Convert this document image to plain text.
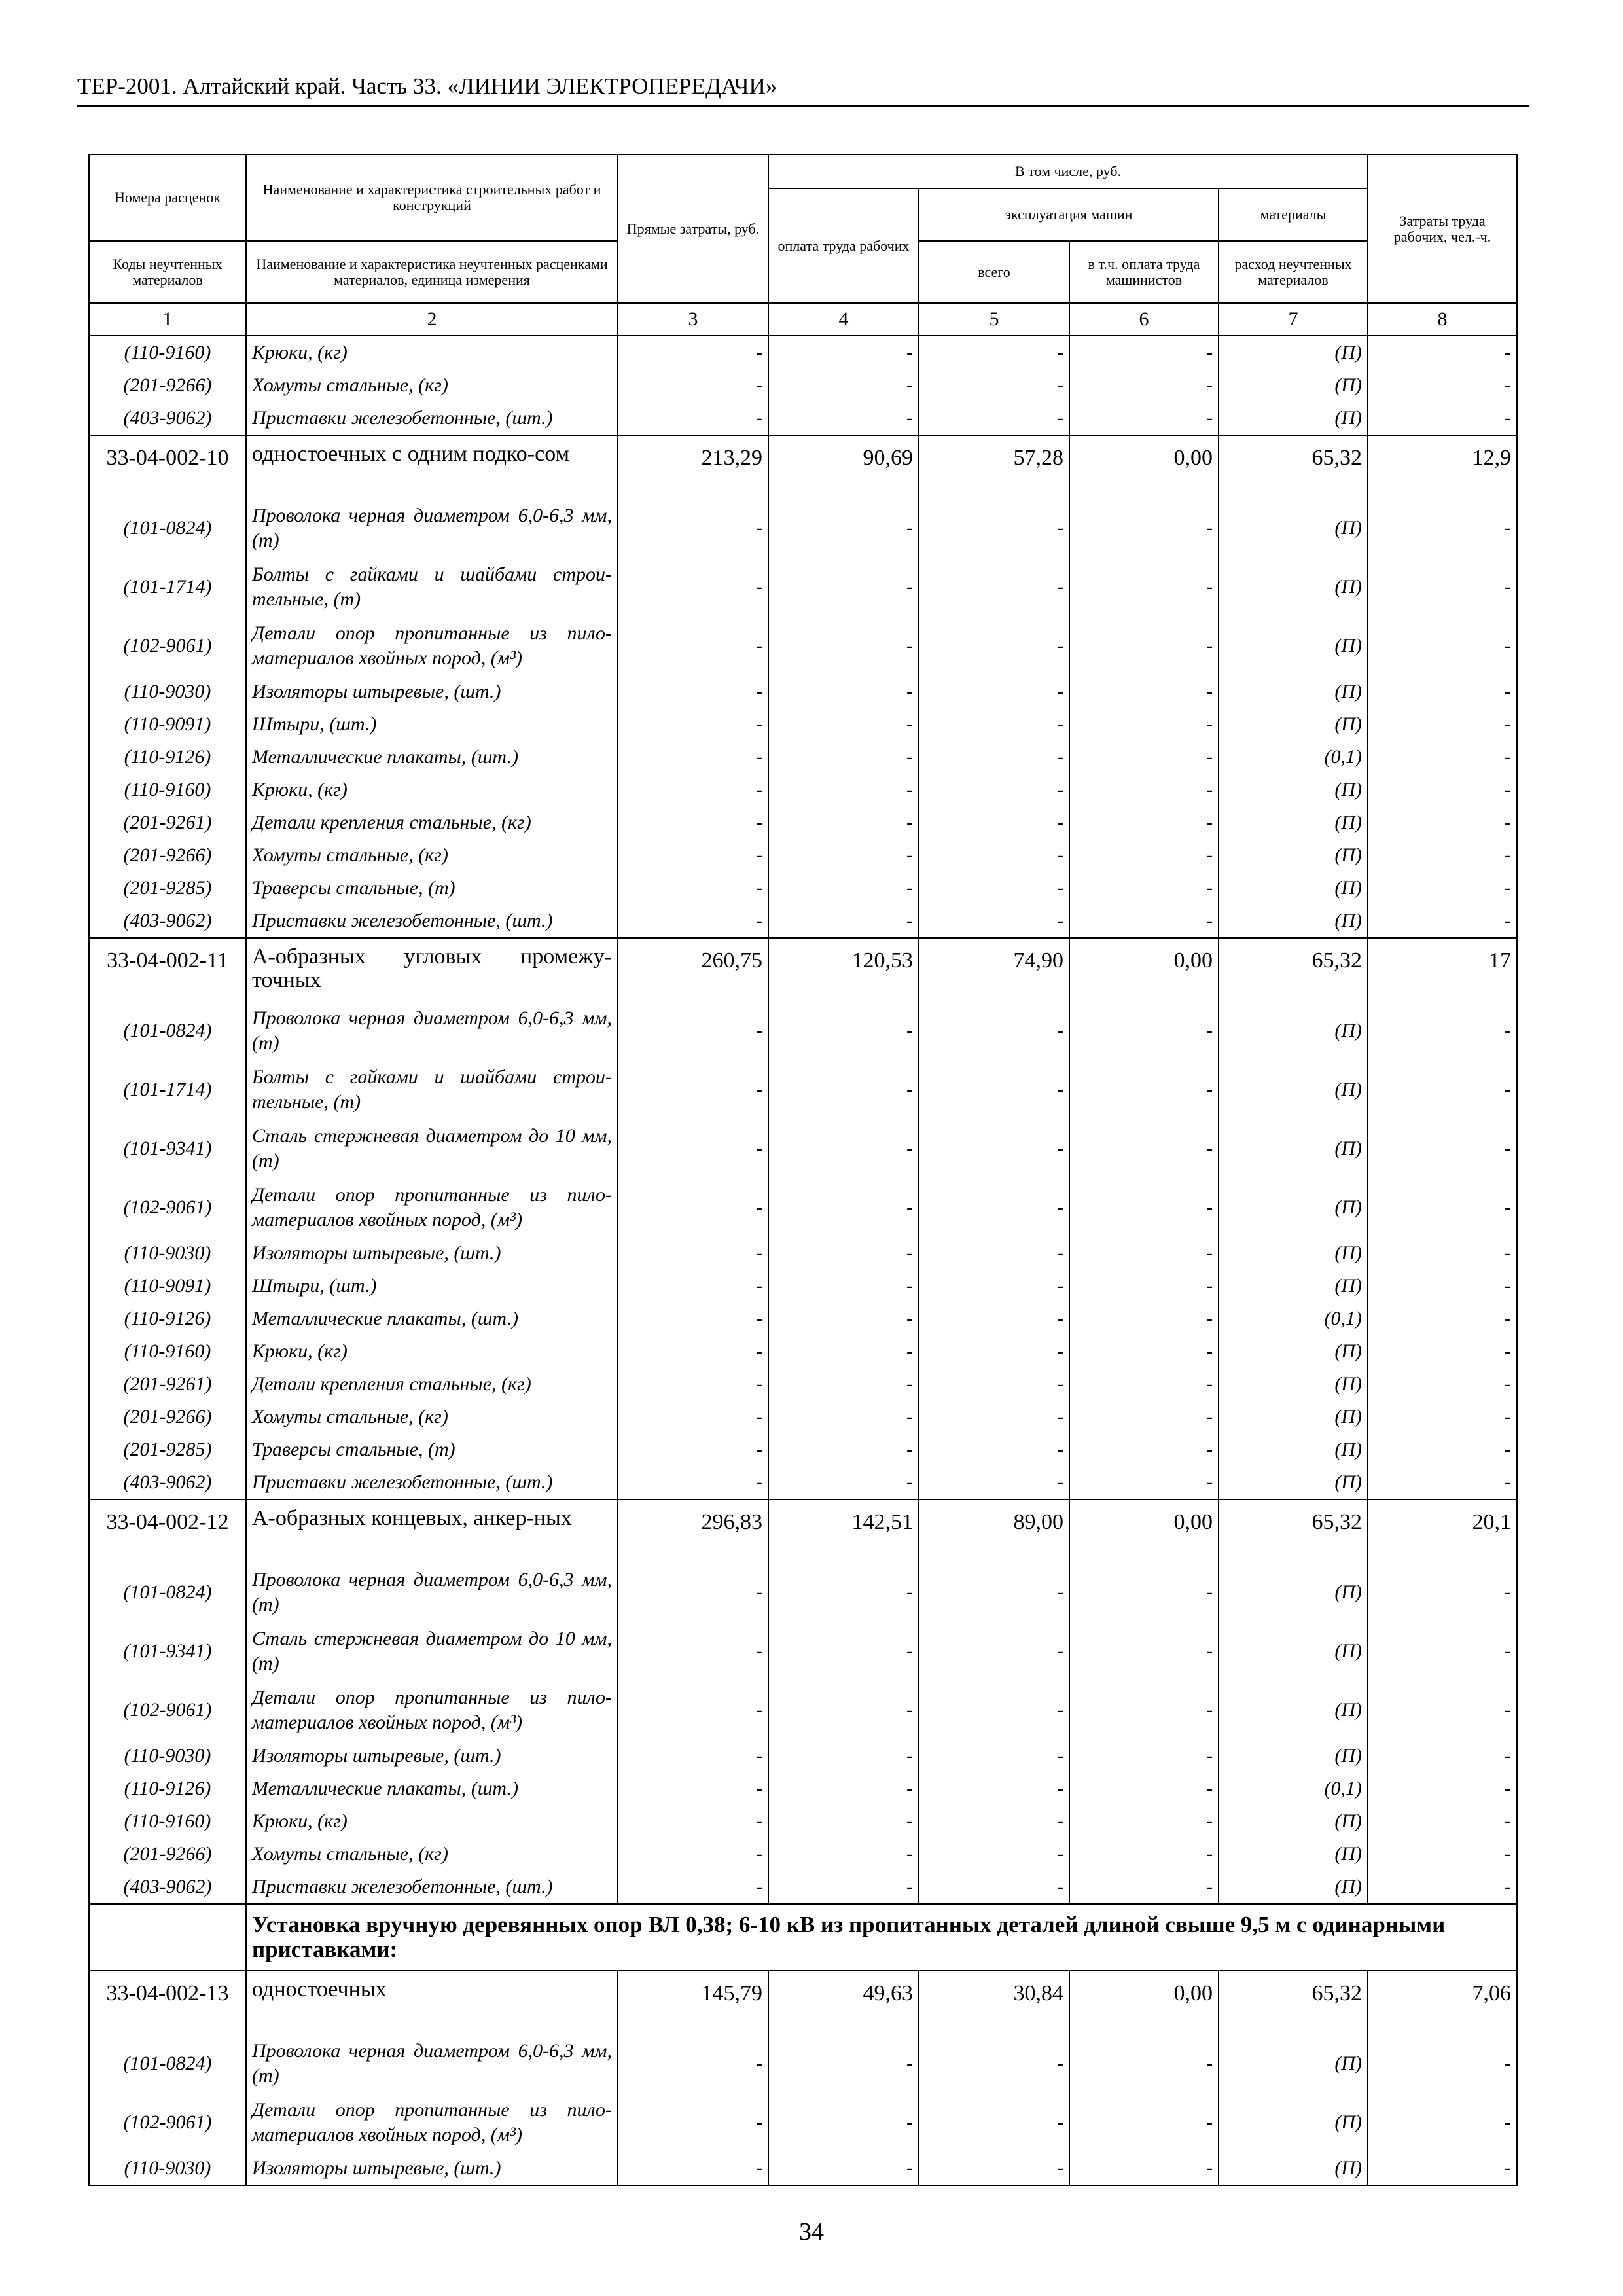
ТЕР-2001. Алтайский край. Часть 33. «ЛИНИИ ЭЛЕКТРОПЕРЕДАЧИ»
Номера расценок	Наименование и характеристика строительных работ и конструкций	Прямые затраты, руб.	В том числе, руб.				Затраты труда рабочих, чел.-ч.
			оплата труда рабочих	эксплуатация машин		материалы	
Коды неучтенных материалов	Наименование и характеристика неучтенных расценками материалов, единица измерения			всего	в т.ч. оплата труда машинистов	расход неучтенных материалов	
1	2	3	4	5	6	7	8
(110-9160)	Крюки, (кг)	-	-	-	-	(П)	-
(201-9266)	Хомуты стальные, (кг)	-	-	-	-	(П)	-
(403-9062)	Приставки железобетонные, (шт.)	-	-	-	-	(П)	-
33-04-002-10	одностоечных с одним подко-сом	213,29	90,69	57,28	0,00	65,32	12,9
(101-0824)	Проволока черная диаметром 6,0-6,3 мм, (т)	-	-	-	-	(П)	-
(101-1714)	Болты с гайками и шайбами строи-тельные, (т)	-	-	-	-	(П)	-
(102-9061)	Детали опор пропитанные из пило-материалов хвойных пород, (м³)	-	-	-	-	(П)	-
(110-9030)	Изоляторы штыревые, (шт.)	-	-	-	-	(П)	-
(110-9091)	Штыри, (шт.)	-	-	-	-	(П)	-
(110-9126)	Металлические плакаты, (шт.)	-	-	-	-	(0,1)	-
(110-9160)	Крюки, (кг)	-	-	-	-	(П)	-
(201-9261)	Детали крепления стальные, (кг)	-	-	-	-	(П)	-
(201-9266)	Хомуты стальные, (кг)	-	-	-	-	(П)	-
(201-9285)	Траверсы стальные, (т)	-	-	-	-	(П)	-
(403-9062)	Приставки железобетонные, (шт.)	-	-	-	-	(П)	-
33-04-002-11	А-образных угловых промежу-точных	260,75	120,53	74,90	0,00	65,32	17
(101-0824)	Проволока черная диаметром 6,0-6,3 мм, (т)	-	-	-	-	(П)	-
(101-1714)	Болты с гайками и шайбами строи-тельные, (т)	-	-	-	-	(П)	-
(101-9341)	Сталь стержневая диаметром до 10 мм, (т)	-	-	-	-	(П)	-
(102-9061)	Детали опор пропитанные из пило-материалов хвойных пород, (м³)	-	-	-	-	(П)	-
(110-9030)	Изоляторы штыревые, (шт.)	-	-	-	-	(П)	-
(110-9091)	Штыри, (шт.)	-	-	-	-	(П)	-
(110-9126)	Металлические плакаты, (шт.)	-	-	-	-	(0,1)	-
(110-9160)	Крюки, (кг)	-	-	-	-	(П)	-
(201-9261)	Детали крепления стальные, (кг)	-	-	-	-	(П)	-
(201-9266)	Хомуты стальные, (кг)	-	-	-	-	(П)	-
(201-9285)	Траверсы стальные, (т)	-	-	-	-	(П)	-
(403-9062)	Приставки железобетонные, (шт.)	-	-	-	-	(П)	-
33-04-002-12	А-образных концевых, анкер-ных	296,83	142,51	89,00	0,00	65,32	20,1
(101-0824)	Проволока черная диаметром 6,0-6,3 мм, (т)	-	-	-	-	(П)	-
(101-9341)	Сталь стержневая диаметром до 10 мм, (т)	-	-	-	-	(П)	-
(102-9061)	Детали опор пропитанные из пило-материалов хвойных пород, (м³)	-	-	-	-	(П)	-
(110-9030)	Изоляторы штыревые, (шт.)	-	-	-	-	(П)	-
(110-9126)	Металлические плакаты, (шт.)	-	-	-	-	(0,1)	-
(110-9160)	Крюки, (кг)	-	-	-	-	(П)	-
(201-9266)	Хомуты стальные, (кг)	-	-	-	-	(П)	-
(403-9062)	Приставки железобетонные, (шт.)	-	-	-	-	(П)	-
	Установка вручную деревянных опор ВЛ 0,38; 6-10 кВ из пропитанных деталей длиной свыше 9,5 м с одинарными приставками:						
33-04-002-13	одностоечных	145,79	49,63	30,84	0,00	65,32	7,06
(101-0824)	Проволока черная диаметром 6,0-6,3 мм, (т)	-	-	-	-	(П)	-
(102-9061)	Детали опор пропитанные из пило-материалов хвойных пород, (м³)	-	-	-	-	(П)	-
(110-9030)	Изоляторы штыревые, (шт.)	-	-	-	-	(П)	-

34
